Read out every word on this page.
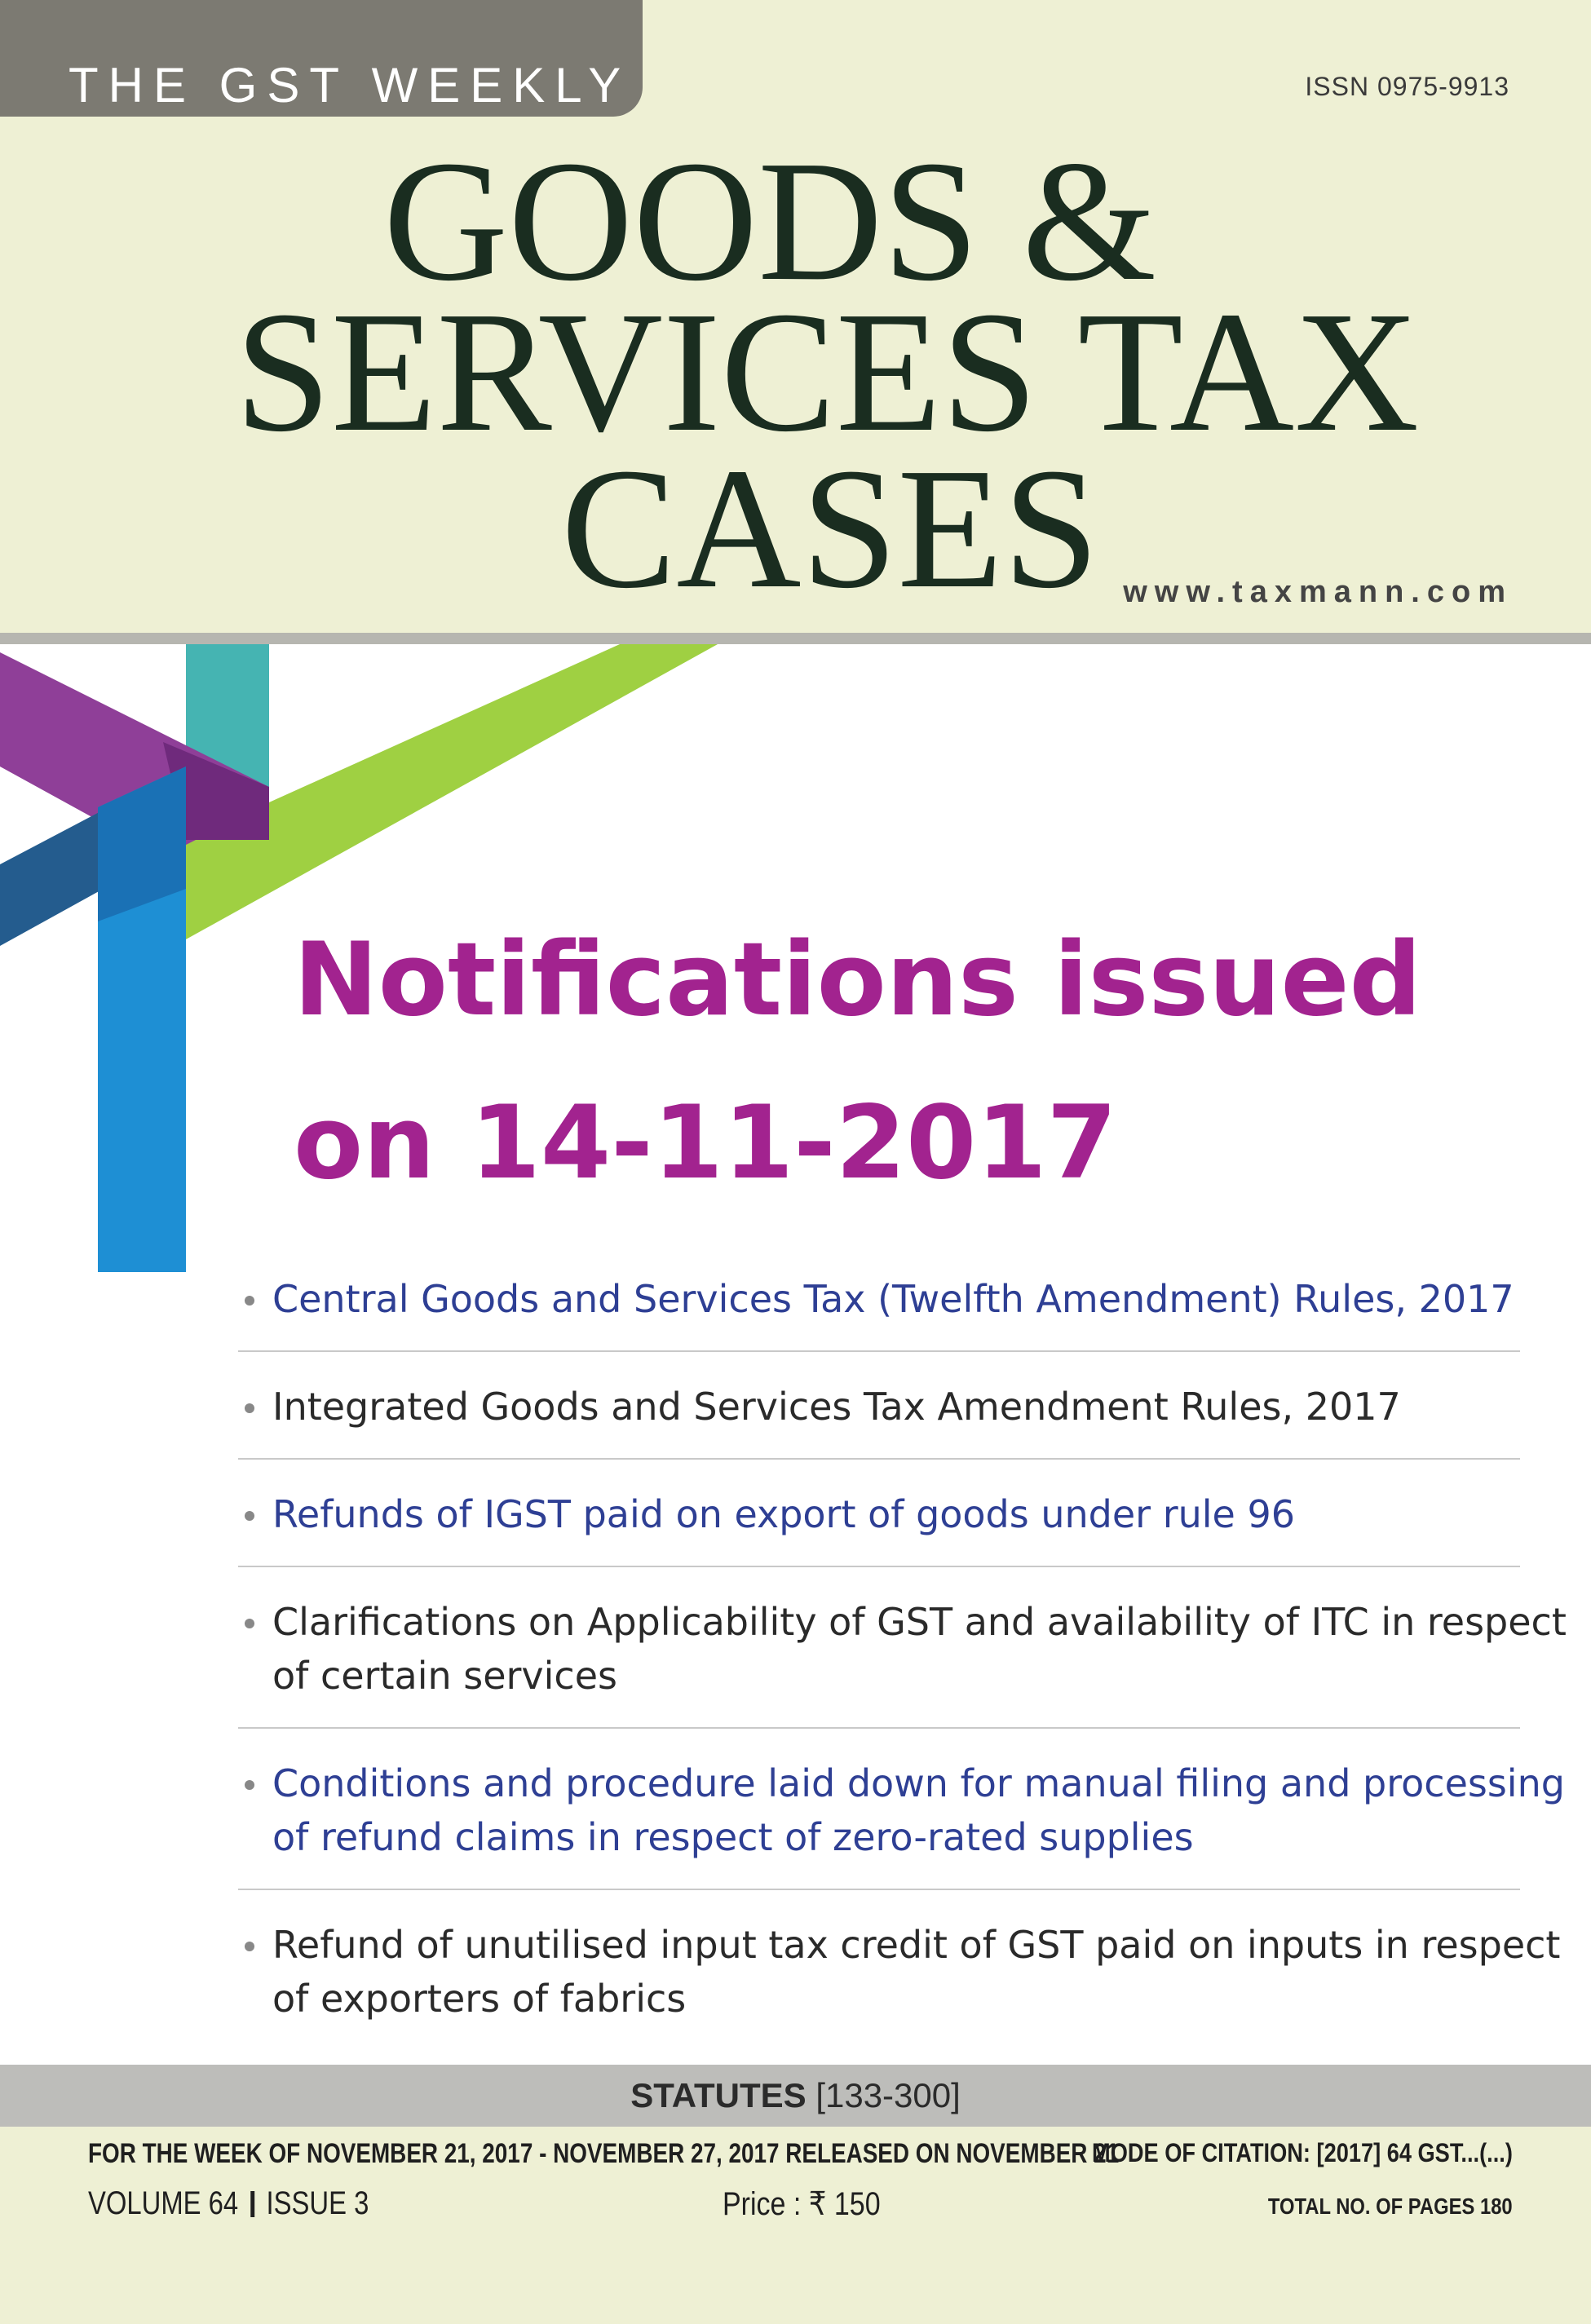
THE GST WEEKLY	ISSN 0975-9913
GOODS &
SERVICES TAX
CASES www.taxmann.com
Notifications issued
on 14-11-2017
Central Goods and Services Tax (Twelfth Amendment) Rules, 2017
Integrated Goods and Services Tax Amendment Rules, 2017
Refunds of IGST paid on export of goods under rule 96
Clarifications on Applicability of GST and availability of ITC in respect
of certain services
Conditions and procedure laid down for manual filing and processing
of refund claims in respect of zero-rated supplies
Refund of unutilised input tax credit of GST paid on inputs in respect
of exporters of fabrics
STATUTES [133-300]
FOR THE WEEK OF NOVEMBER 21, 2017 - NOVEMBER 27, 2017 RELEASED ON NOVEMBER 21
MODE OF CITATION: [2017] 64 GST...(...)
VOLUME 64 ISSUE 3	Price : ₹ 150	TOTAL NO. OF PAGES 180
